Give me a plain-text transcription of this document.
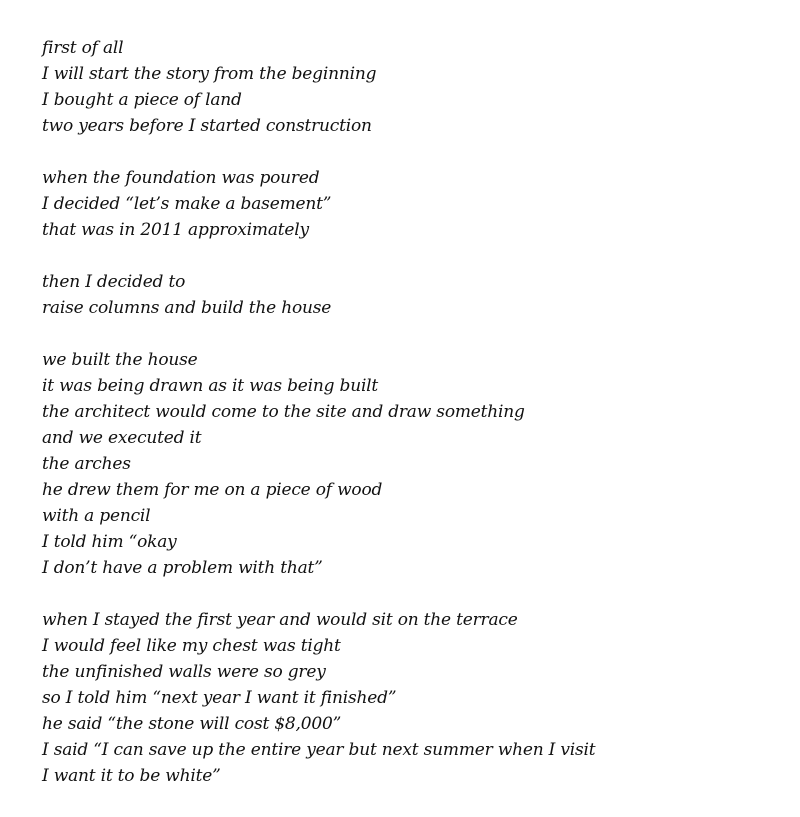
first of all
I will start the story from the beginning
I bought a piece of land
two years before I started construction
when the foundation was poured
I decided “let’s make a basement”
that was in 2011 approximately
then I decided to
raise columns and build the house
we built the house
it was being drawn as it was being built
the architect would come to the site and draw something
and we executed it
the arches
he drew them for me on a piece of wood
with a pencil
I told him “okay
I don’t have a problem with that”
when I stayed the first year and would sit on the terrace
I would feel like my chest was tight
the unfinished walls were so grey
so I told him “next year I want it finished”
he said “the stone will cost $8,000”
I said “I can save up the entire year but next summer when I visit
I want it to be white”
